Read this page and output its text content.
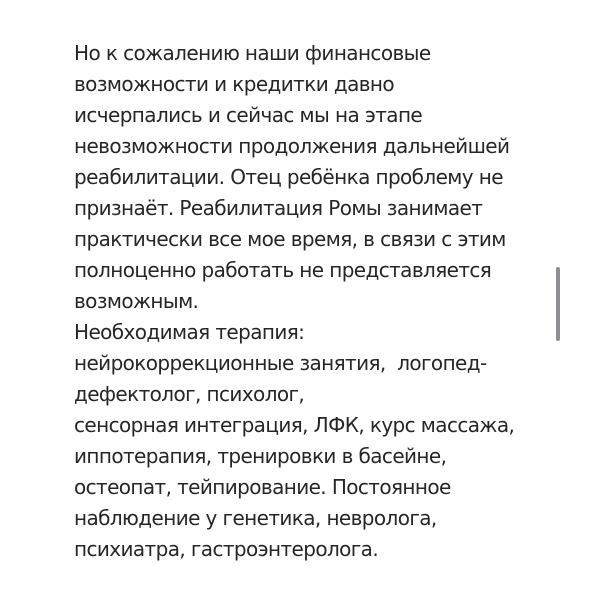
Но к сожалению наши финансовые
возможности и кредитки давно
исчерпались и сейчас мы на этапе
невозможности продолжения дальнейшей
реабилитации. Отец ребёнка проблему не
признаёт. Реабилитация Ромы занимает
практически все мое время, в связи с этим
полноценно работать не представляется
возможным.
Необходимая терапия:
нейрокоррекционные занятия,  логопед-
дефектолог, психолог,
сенсорная интеграция, ЛФК, курс массажа,
иппотерапия, тренировки в басейне,
остеопат, тейпирование. Постоянное
наблюдение у генетика, невролога,
психиатра, гастроэнтеролога.
